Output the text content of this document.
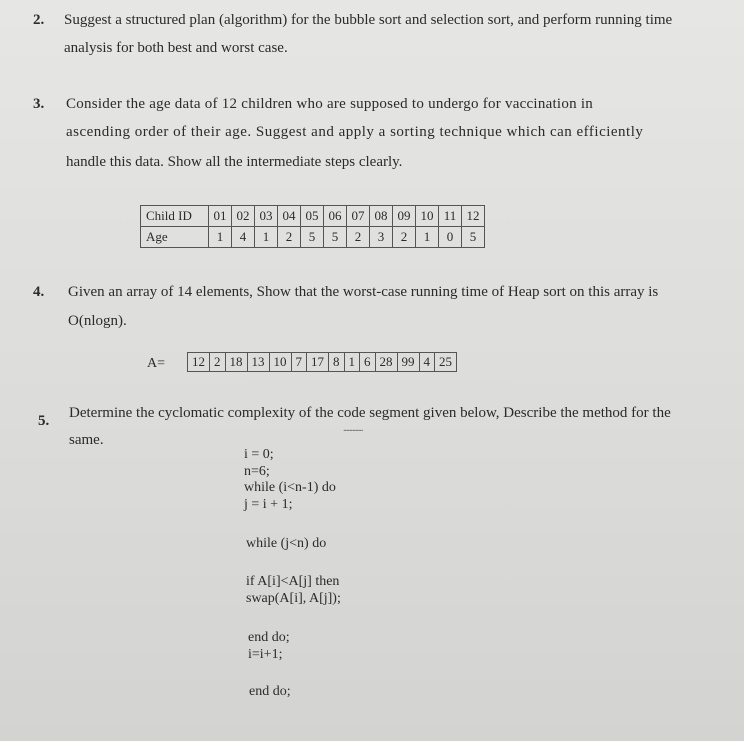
2. Suggest a structured plan (algorithm) for the bubble sort and selection sort, and perform running time
analysis for both best and worst case.
3. Consider the age data of 12 children who are supposed to undergo for vaccination in
ascending order of their age. Suggest and apply a sorting technique which can efficiently
handle this data. Show all the intermediate steps clearly.
Child ID	01	02	03	04	05	06	07	08	09	10	11	12
Age	1	4	1	2	5	5	2	3	2	1	0	5
4. Given an array of 14 elements, Show that the worst-case running time of Heap sort on this array is
O(nlogn).
A= 12	2	18	13	10	7	17	8	1	6	28	99	4	25
5. Determine the cyclomatic complexity of the code segment given below, Describe the method for the
same.
.............
i = 0;
n=6;
while (i<n-1) do
j = i + 1;
while (j<n) do
if A[i]<A[j] then
swap(A[i], A[j]);
end do;
i=i+1;
end do;
